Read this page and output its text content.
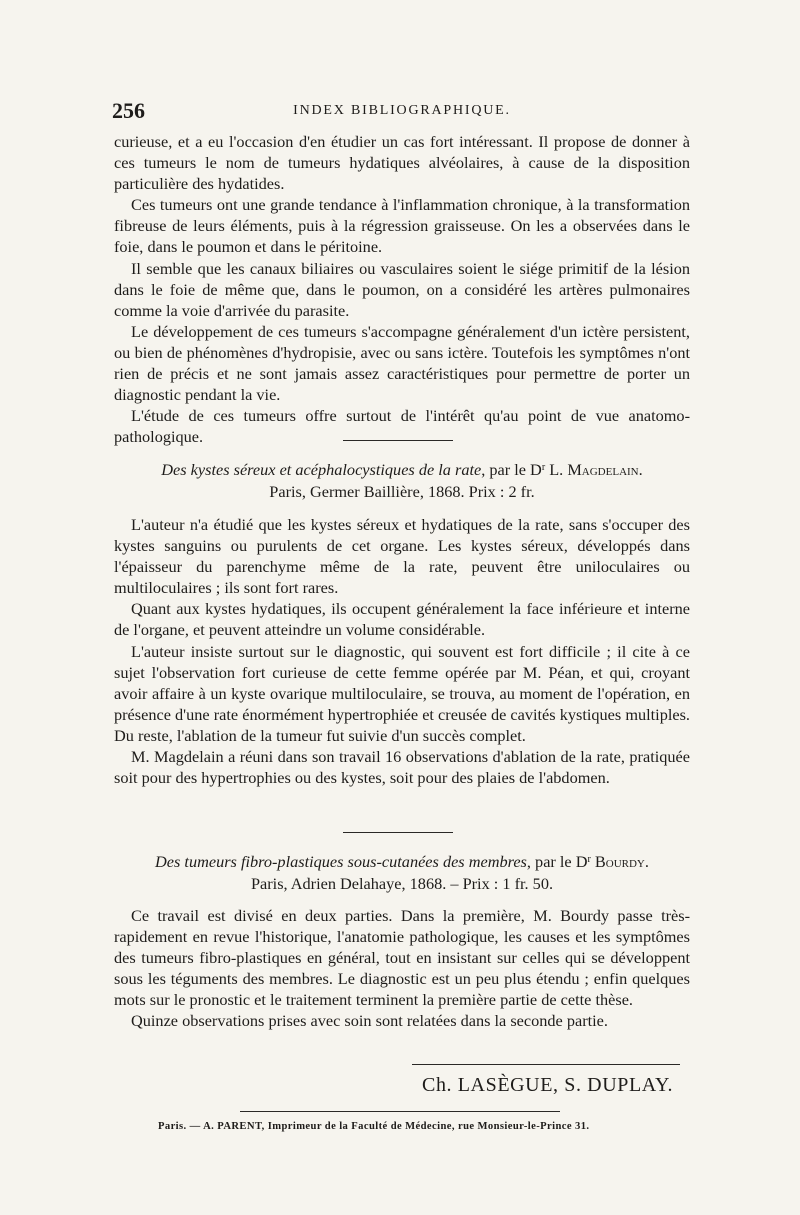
256	INDEX BIBLIOGRAPHIQUE.

curieuse, et a eu l'occasion d'en étudier un cas fort intéressant. Il propose de donner à ces tumeurs le nom de tumeurs hydatiques alvéolaires, à cause de la disposition particulière des hydatides.

Ces tumeurs ont une grande tendance à l'inflammation chronique, à la transformation fibreuse de leurs éléments, puis à la régression graisseuse. On les a observées dans le foie, dans le poumon et dans le péritoine.

Il semble que les canaux biliaires ou vasculaires soient le siége primitif de la lésion dans le foie de même que, dans le poumon, on a considéré les artères pulmonaires comme la voie d'arrivée du parasite.

Le développement de ces tumeurs s'accompagne généralement d'un ictère persistent, ou bien de phénomènes d'hydropisie, avec ou sans ictère. Toutefois les symptômes n'ont rien de précis et ne sont jamais assez caractéristiques pour permettre de porter un diagnostic pendant la vie.

L'étude de ces tumeurs offre surtout de l'intérêt qu'au point de vue anatomo-pathologique.

Des kystes séreux et acéphalocystiques de la rate, par le $D^r$ L. Magdelain.
Paris, Germer Baillière, 1868. Prix : 2 fr.

L'auteur n'a étudié que les kystes séreux et hydatiques de la rate, sans s'occuper des kystes sanguins ou purulents de cet organe. Les kystes séreux, développés dans l'épaisseur du parenchyme même de la rate, peuvent être uniloculaires ou multiloculaires ; ils sont fort rares.

Quant aux kystes hydatiques, ils occupent généralement la face inférieure et interne de l'organe, et peuvent atteindre un volume considérable.

L'auteur insiste surtout sur le diagnostic, qui souvent est fort difficile ; il cite à ce sujet l'observation fort curieuse de cette femme opérée par M. Péan, et qui, croyant avoir affaire à un kyste ovarique multiloculaire, se trouva, au moment de l'opération, en présence d'une rate énormément hypertrophiée et creusée de cavités kystiques multiples. Du reste, l'ablation de la tumeur fut suivie d'un succès complet.

M. Magdelain a réuni dans son travail 16 observations d'ablation de la rate, pratiquée soit pour des hypertrophies ou des kystes, soit pour des plaies de l'abdomen.

Des tumeurs fibro-plastiques sous-cutanées des membres, par le $D^r$ Bourdy.
Paris, Adrien Delahaye, 1868. – Prix : 1 fr. 50.

Ce travail est divisé en deux parties. Dans la première, M. Bourdy passe très-rapidement en revue l'historique, l'anatomie pathologique, les causes et les symptômes des tumeurs fibro-plastiques en général, tout en insistant sur celles qui se développent sous les téguments des membres. Le diagnostic est un peu plus étendu ; enfin quelques mots sur le pronostic et le traitement terminent la première partie de cette thèse.

Quinze observations prises avec soin sont relatées dans la seconde partie.

Ch. LASÈGUE, S. DUPLAY.
Paris. — A. PARENT, Imprimeur de la Faculté de Médecine, rue Monsieur-le-Prince 31.
